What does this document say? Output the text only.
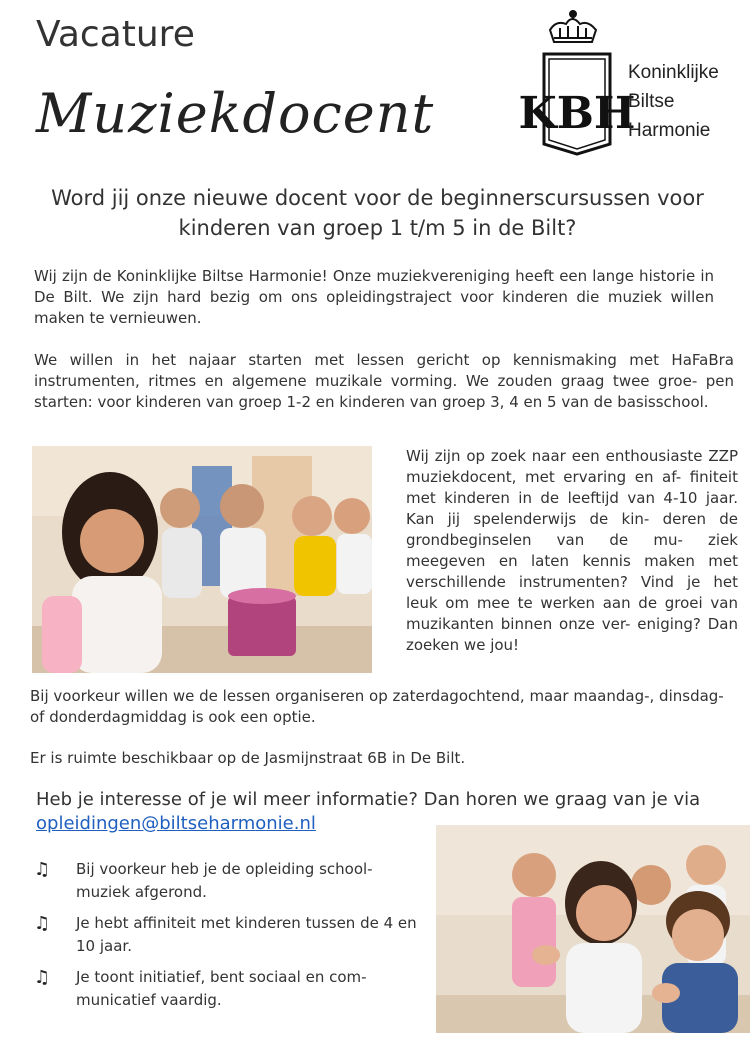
Vacature
Muziekdocent KBH
Koninklijke
Biltse
Harmonie
Word jij onze nieuwe docent voor de beginnerscursussen voor kinderen van groep 1 t/m 5 in de Bilt?
Wij zijn de Koninklijke Biltse Harmonie! Onze muziekvereniging heeft een lange historie in De Bilt. We zijn hard bezig om ons opleidingstraject voor kinderen die muziek willen maken te vernieuwen.
We willen in het najaar starten met lessen gericht op kennismaking met HaFaBra instrumenten, ritmes en algemene muzikale vorming. We zouden graag twee groe- pen starten: voor kinderen van groep 1-2 en kinderen van groep 3, 4 en 5 van de basisschool.
Wij zijn op zoek naar een enthousiaste ZZP muziekdocent, met ervaring en af- finiteit met kinderen in de leeftijd van 4-10 jaar. Kan jij spelenderwijs de kin- deren de grondbeginselen van de mu- ziek meegeven en laten kennis maken met verschillende instrumenten? Vind je het leuk om mee te werken aan de groei van muzikanten binnen onze ver- eniging? Dan zoeken we jou!
Bij voorkeur willen we de lessen organiseren op zaterdagochtend, maar maandag-, dinsdag- of donderdagmiddag is ook een optie.
Er is ruimte beschikbaar op de Jasmijnstraat 6B in De Bilt.
Heb je interesse of je wil meer informatie? Dan horen we graag van je via opleidingen@biltseharmonie.nl
♫ Bij voorkeur heb je de opleiding school- muziek afgerond.
♫ Je hebt affiniteit met kinderen tussen de 4 en 10 jaar.
♫ Je toont initiatief, bent sociaal en com- municatief vaardig.
